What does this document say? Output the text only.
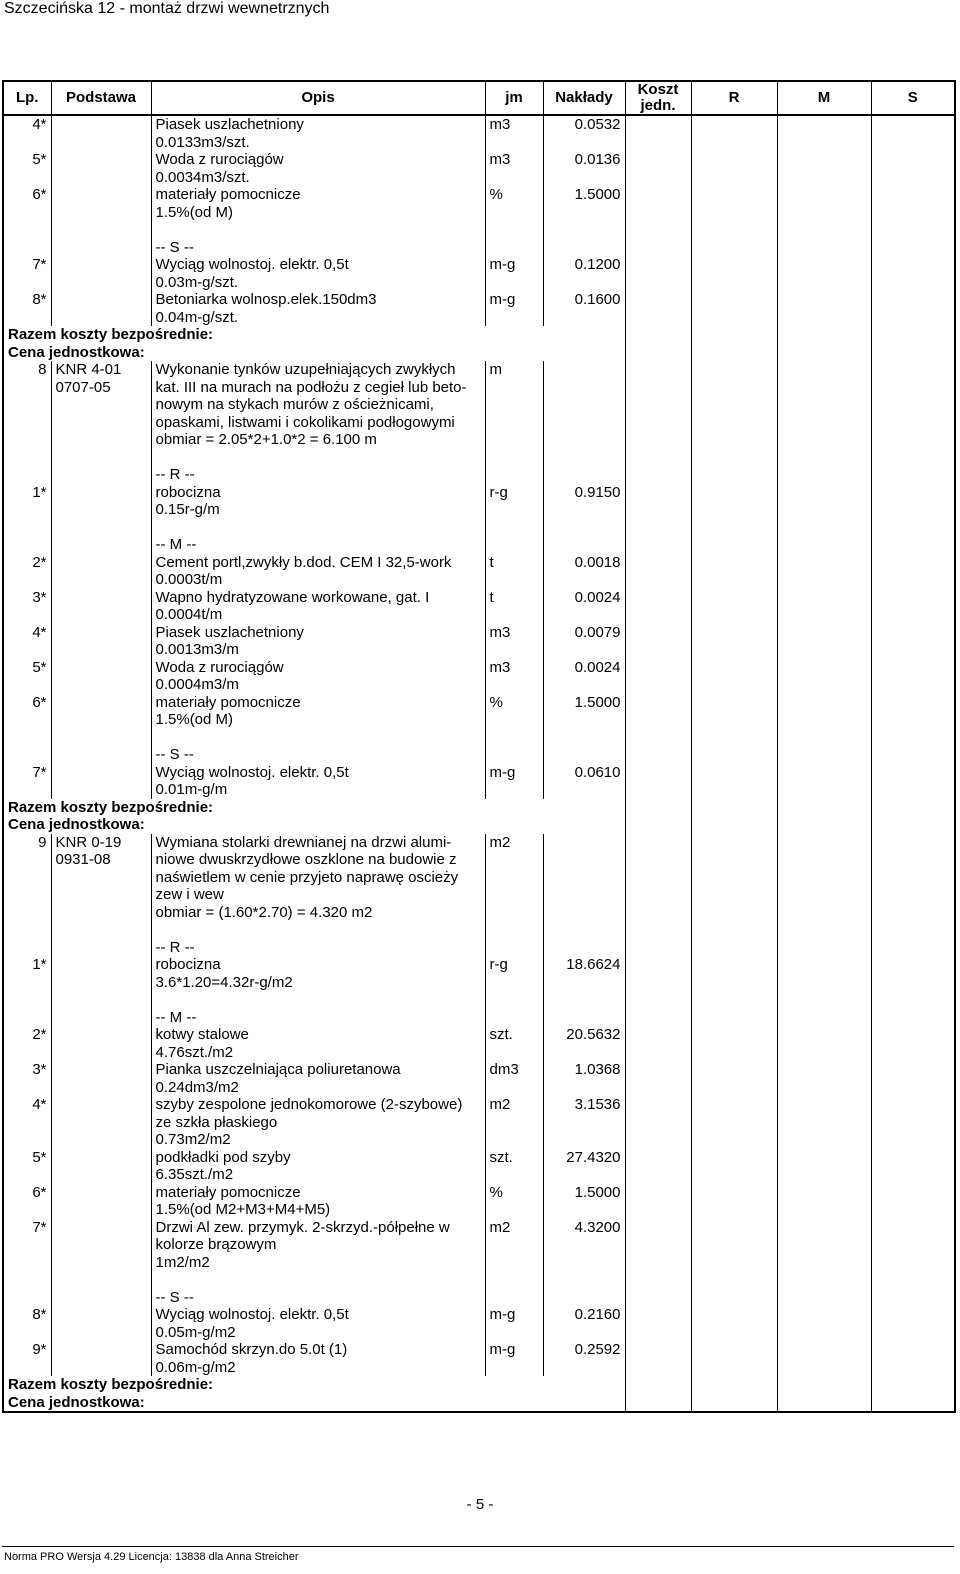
Szczecińska 12 - montaż drzwi wewnetrznych
Lp.	Podstawa	Opis	jm	Nakłady	Koszt jedn.	R	M	S
4*		Piasek uszlachetniony	m3	0.0532				
		0.0133m3/szt.						
5*		Woda z rurociągów	m3	0.0136				
		0.0034m3/szt.						
6*		materiały pomocnicze	%	1.5000				
		1.5%(od M)						

		-- S --						
7*		Wyciąg wolnostoj. elektr. 0,5t	m-g	0.1200				
		0.03m-g/szt.						
8*		Betoniarka wolnosp.elek.150dm3	m-g	0.1600				
		0.04m-g/szt.						
Razem koszty bezpośrednie:								
Cena jednostkowa:								
8	KNR 4-01	Wykonanie tynków uzupełniających zwykłych	m					
	0707-05	kat. III na murach na podłożu z cegieł lub beto-						
		nowym na stykach murów z ościeżnicami,						
		opaskami, listwami i cokolikami podłogowymi						
		obmiar = 2.05*2+1.0*2 = 6.100 m						

		-- R --						
1*		robocizna	r-g	0.9150				
		0.15r-g/m						

		-- M --						
2*		Cement portl,zwykły b.dod. CEM I 32,5-work	t	0.0018				
		0.0003t/m						
3*		Wapno hydratyzowane workowane, gat. I	t	0.0024				
		0.0004t/m						
4*		Piasek uszlachetniony	m3	0.0079				
		0.0013m3/m						
5*		Woda z rurociągów	m3	0.0024				
		0.0004m3/m						
6*		materiały pomocnicze	%	1.5000				
		1.5%(od M)						

		-- S --						
7*		Wyciąg wolnostoj. elektr. 0,5t	m-g	0.0610				
		0.01m-g/m						
Razem koszty bezpośrednie:								
Cena jednostkowa:								
9	KNR 0-19	Wymiana stolarki drewnianej na drzwi alumi-	m2					
	0931-08	niowe dwuskrzydłowe oszklone na budowie z						
		naświetlem w cenie przyjeto naprawę oscieży						
		zew i wew						
		obmiar = (1.60*2.70) = 4.320 m2						

		-- R --						
1*		robocizna	r-g	18.6624				
		3.6*1.20=4.32r-g/m2						

		-- M --						
2*		kotwy stalowe	szt.	20.5632				
		4.76szt./m2						
3*		Pianka uszczelniająca poliuretanowa	dm3	1.0368				
		0.24dm3/m2						
4*		szyby zespolone jednokomorowe (2-szybowe)	m2	3.1536				
		ze szkła płaskiego						
		0.73m2/m2						
5*		podkładki pod szyby	szt.	27.4320				
		6.35szt./m2						
6*		materiały pomocnicze	%	1.5000				
		1.5%(od M2+M3+M4+M5)						
7*		Drzwi Al zew. przymyk. 2-skrzyd.-półpełne w	m2	4.3200				
		kolorze brązowym						
		1m2/m2						

		-- S --						
8*		Wyciąg wolnostoj. elektr. 0,5t	m-g	0.2160				
		0.05m-g/m2						
9*		Samochód skrzyn.do 5.0t (1)	m-g	0.2592				
		0.06m-g/m2						
Razem koszty bezpośrednie:								
Cena jednostkowa:								
- 5 -
Norma PRO Wersja 4.29 Licencja: 13838 dla Anna Streicher
